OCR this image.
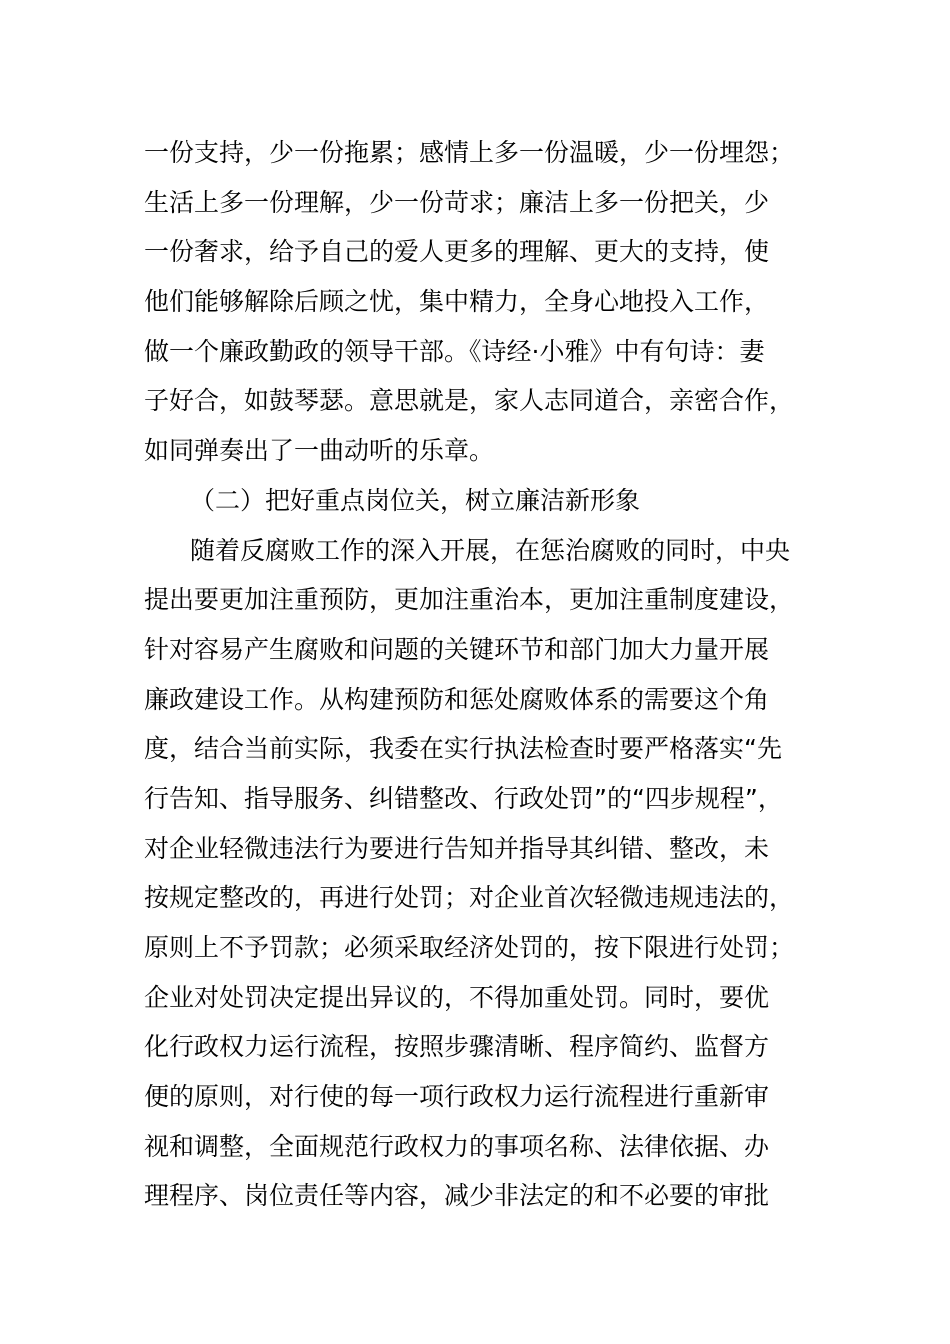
一份支持，少一份拖累；感情上多一份温暖，少一份埋怨；
生活上多一份理解，少一份苛求；廉洁上多一份把关，少
一份奢求，给予自己的爱人更多的理解、更大的支持，使
他们能够解除后顾之忧，集中精力，全身心地投入工作，
做一个廉政勤政的领导干部。《诗经·小雅》中有句诗：妻
子好合，如鼓琴瑟。意思就是，家人志同道合，亲密合作，
如同弹奏出了一曲动听的乐章。
（二）把好重点岗位关，树立廉洁新形象
随着反腐败工作的深入开展，在惩治腐败的同时，中央
提出要更加注重预防，更加注重治本，更加注重制度建设，
针对容易产生腐败和问题的关键环节和部门加大力量开展
廉政建设工作。从构建预防和惩处腐败体系的需要这个角
度，结合当前实际，我委在实行执法检查时要严格落实“先
行告知、指导服务、纠错整改、行政处罚”的“四步规程”，
对企业轻微违法行为要进行告知并指导其纠错、整改，未
按规定整改的，再进行处罚；对企业首次轻微违规违法的，
原则上不予罚款；必须采取经济处罚的，按下限进行处罚；
企业对处罚决定提出异议的，不得加重处罚。同时，要优
化行政权力运行流程，按照步骤清晰、程序简约、监督方
便的原则，对行使的每一项行政权力运行流程进行重新审
视和调整，全面规范行政权力的事项名称、法律依据、办
理程序、岗位责任等内容，减少非法定的和不必要的审批
